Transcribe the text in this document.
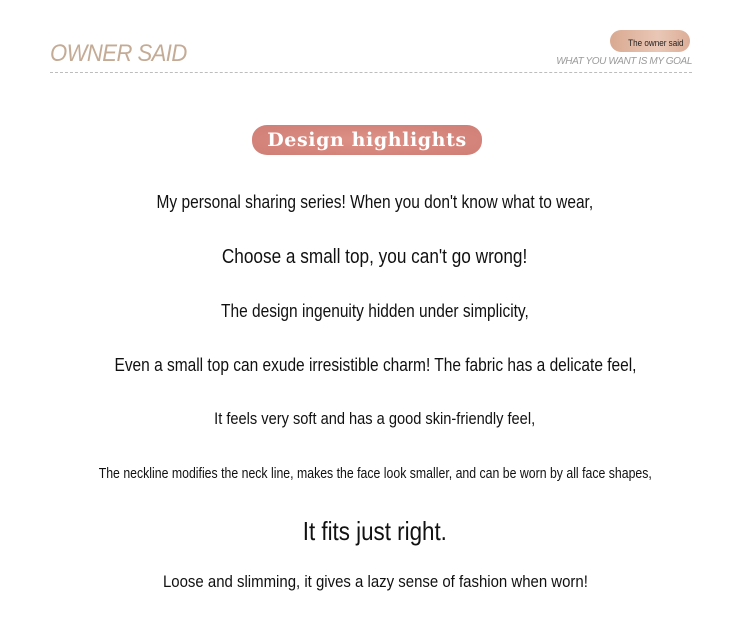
OWNER SAID	The owner said
WHAT YOU WANT IS MY GOAL
Design highlights
My personal sharing series! When you don't know what to wear,
Choose a small top, you can't go wrong!
The design ingenuity hidden under simplicity,
Even a small top can exude irresistible charm! The fabric has a delicate feel,
It feels very soft and has a good skin-friendly feel,
The neckline modifies the neck line, makes the face look smaller, and can be worn by all face shapes,
It fits just right.
Loose and slimming, it gives a lazy sense of fashion when worn!
